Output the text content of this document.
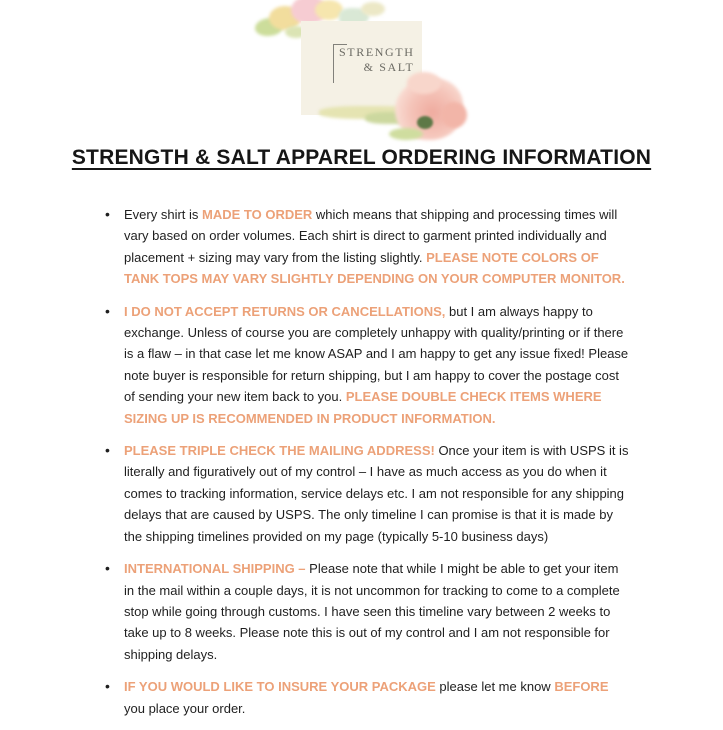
STRENGTH
& SALT
STRENGTH & SALT APPAREL ORDERING INFORMATION
• Every shirt is MADE TO ORDER which means that shipping and processing times will vary based on order volumes. Each shirt is direct to garment printed individually and placement + sizing may vary from the listing slightly. PLEASE NOTE COLORS OF TANK TOPS MAY VARY SLIGHTLY DEPENDING ON YOUR COMPUTER MONITOR.
• I DO NOT ACCEPT RETURNS OR CANCELLATIONS, but I am always happy to exchange. Unless of course you are completely unhappy with quality/printing or if there is a flaw – in that case let me know ASAP and I am happy to get any issue fixed! Please note buyer is responsible for return shipping, but I am happy to cover the postage cost of sending your new item back to you. PLEASE DOUBLE CHECK ITEMS WHERE SIZING UP IS RECOMMENDED IN PRODUCT INFORMATION.
• PLEASE TRIPLE CHECK THE MAILING ADDRESS! Once your item is with USPS it is literally and figuratively out of my control – I have as much access as you do when it comes to tracking information, service delays etc. I am not responsible for any shipping delays that are caused by USPS. The only timeline I can promise is that it is made by the shipping timelines provided on my page (typically 5-10 business days)
• INTERNATIONAL SHIPPING – Please note that while I might be able to get your item in the mail within a couple days, it is not uncommon for tracking to come to a complete stop while going through customs. I have seen this timeline vary between 2 weeks to take up to 8 weeks. Please note this is out of my control and I am not responsible for shipping delays.
• IF YOU WOULD LIKE TO INSURE YOUR PACKAGE please let me know BEFORE you place your order.
